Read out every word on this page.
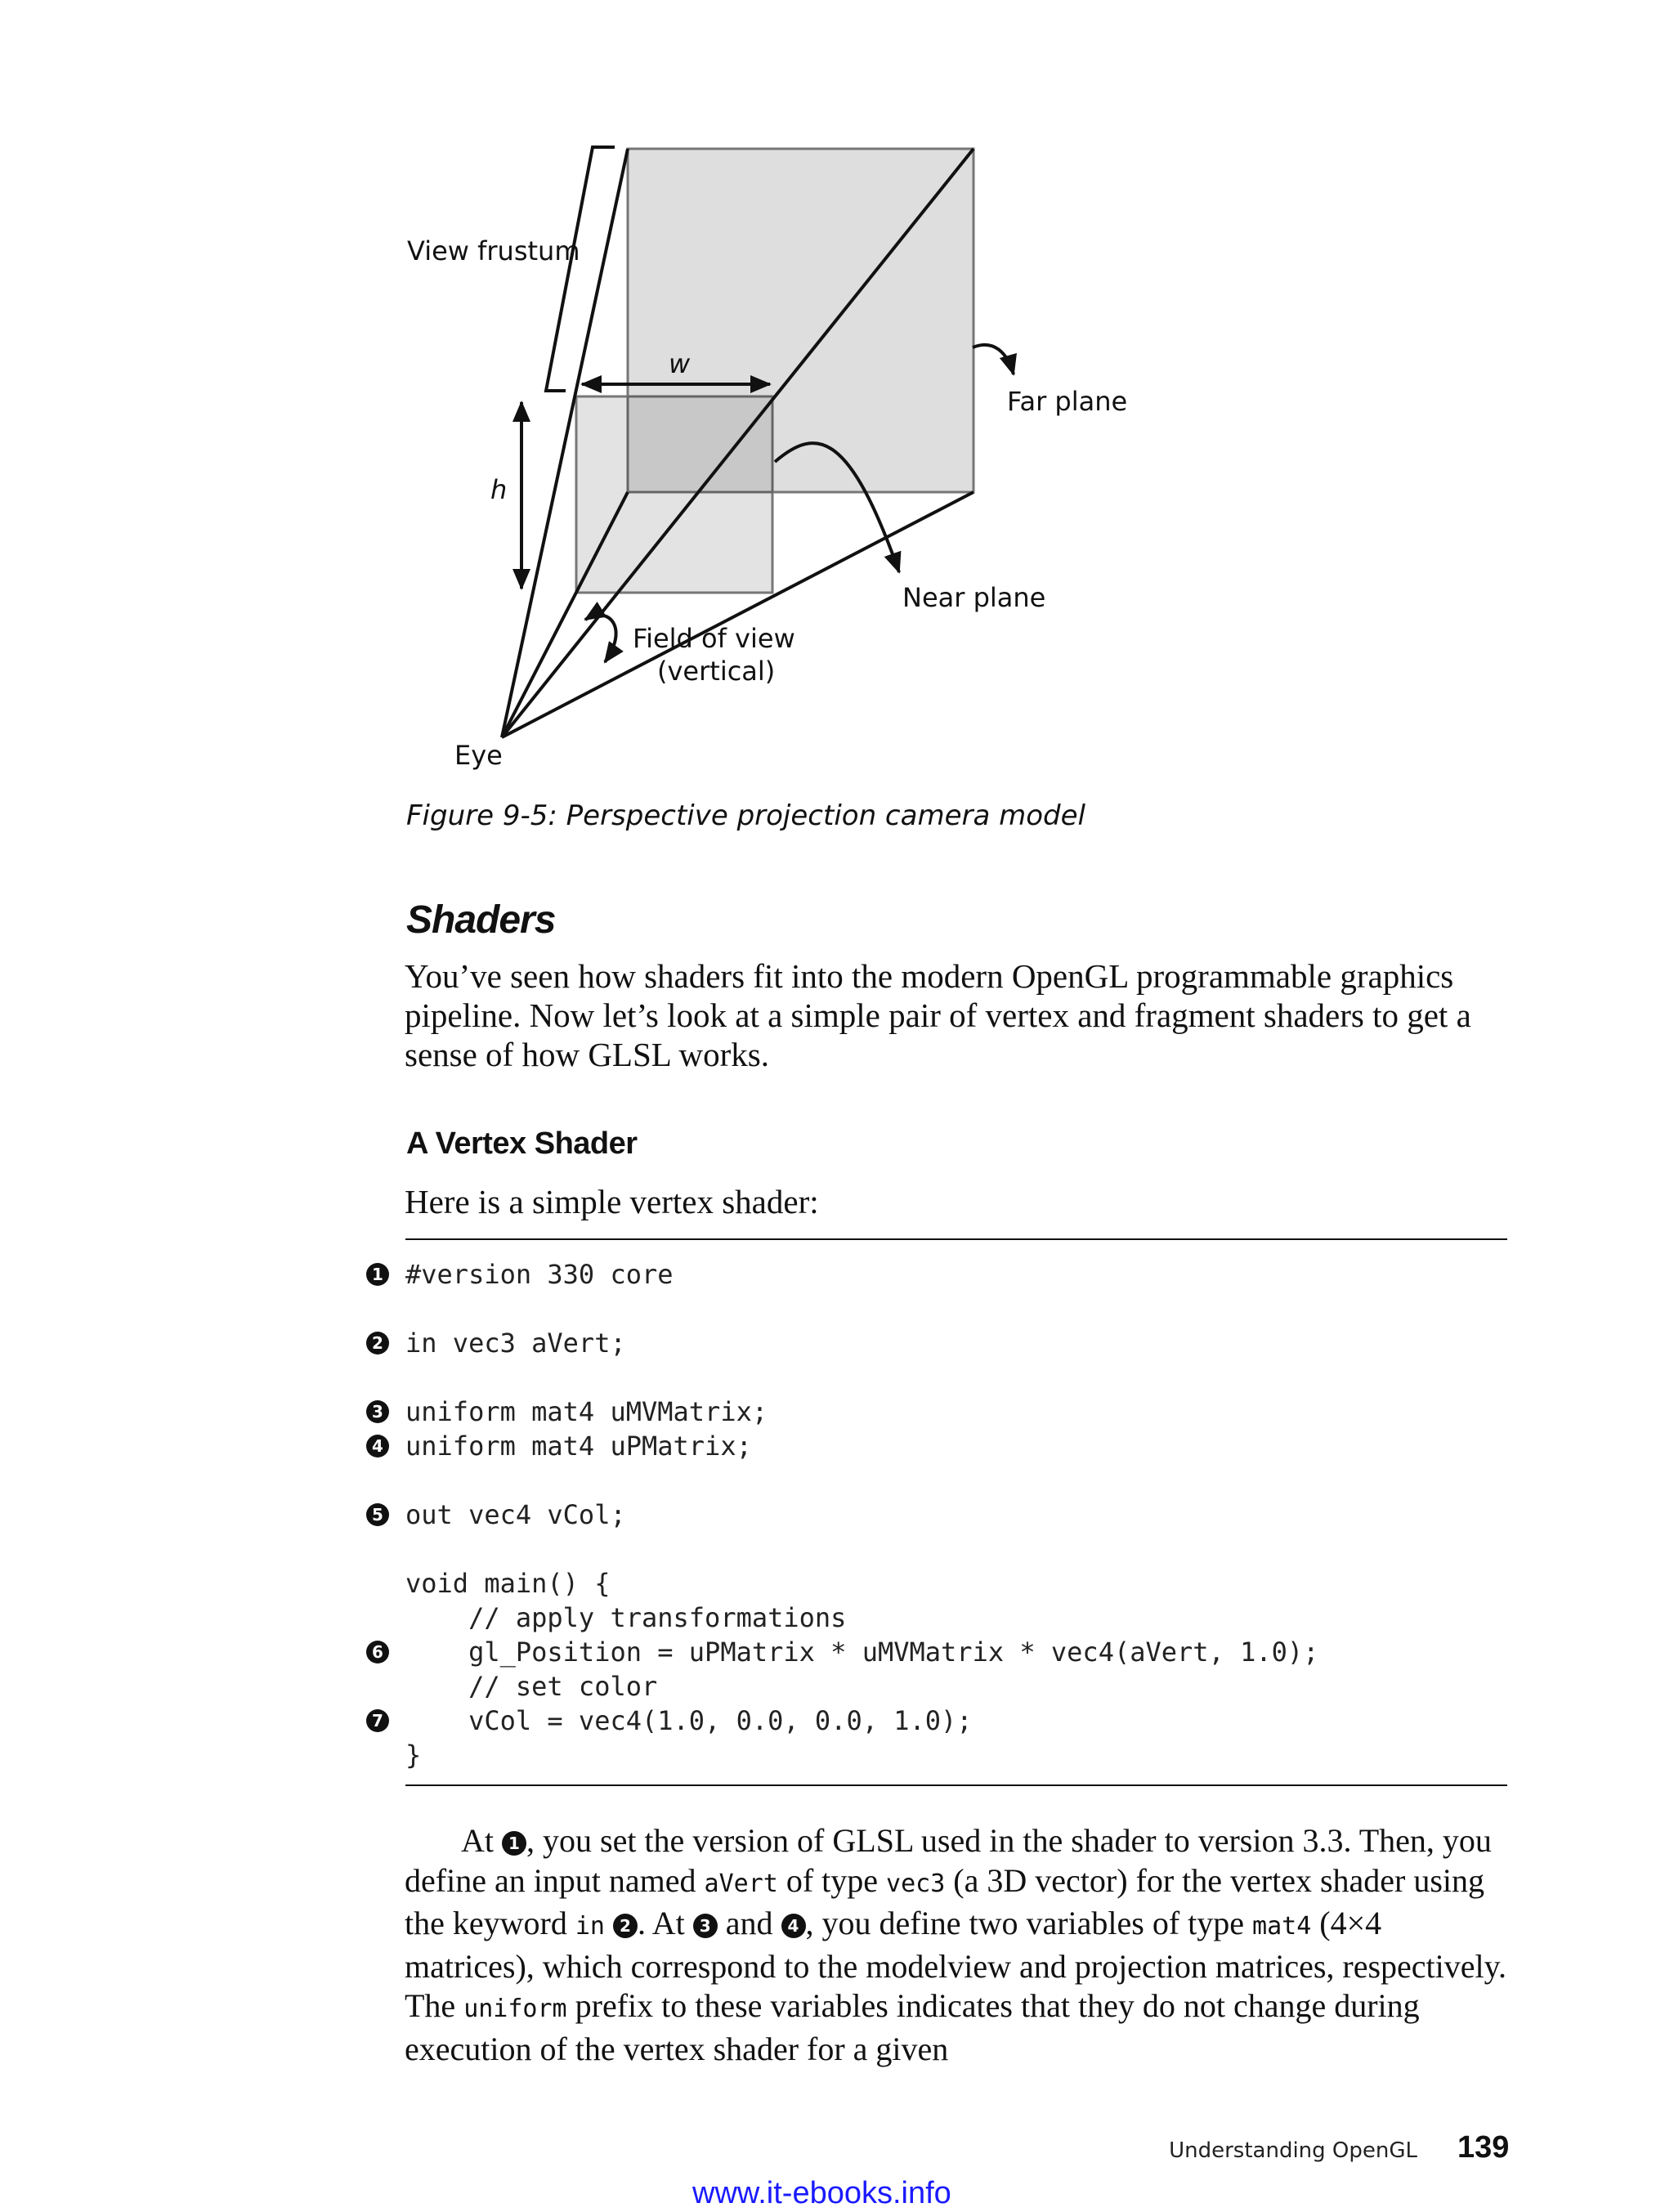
View frustum
w
h
Far plane
Near plane
Field of view
(vertical)
Eye
Figure 9-5: Perspective projection camera model
Shaders
You’ve seen how shaders fit into the modern OpenGL programmable graphics pipeline. Now let’s look at a simple pair of vertex and fragment shaders to get a sense of how GLSL works.
A Vertex Shader
Here is a simple vertex shader:
1 #version 330 core
2 in vec3 aVert;
3 uniform mat4 uMVMatrix;
4 uniform mat4 uPMatrix;
5 out vec4 vCol;
void main() {
// apply transformations
6 gl_Position = uPMatrix * uMVMatrix * vec4(aVert, 1.0);
// set color
7 vCol = vec4(1.0, 0.0, 0.0, 1.0);
}
At 1 , you set the version of GLSL used in the shader to version 3.3. Then, you define an input named aVert of type vec3 (a 3D vector) for the vertex shader using the keyword in 2 . At 3 and 4 , you define two variables of type mat4 (4×4 matrices), which correspond to the modelview and projection matrices, respectively. The uniform prefix to these variables indicates that they do not change during execution of the vertex shader for a given
Understanding OpenGL 139
www.it-ebooks.info
